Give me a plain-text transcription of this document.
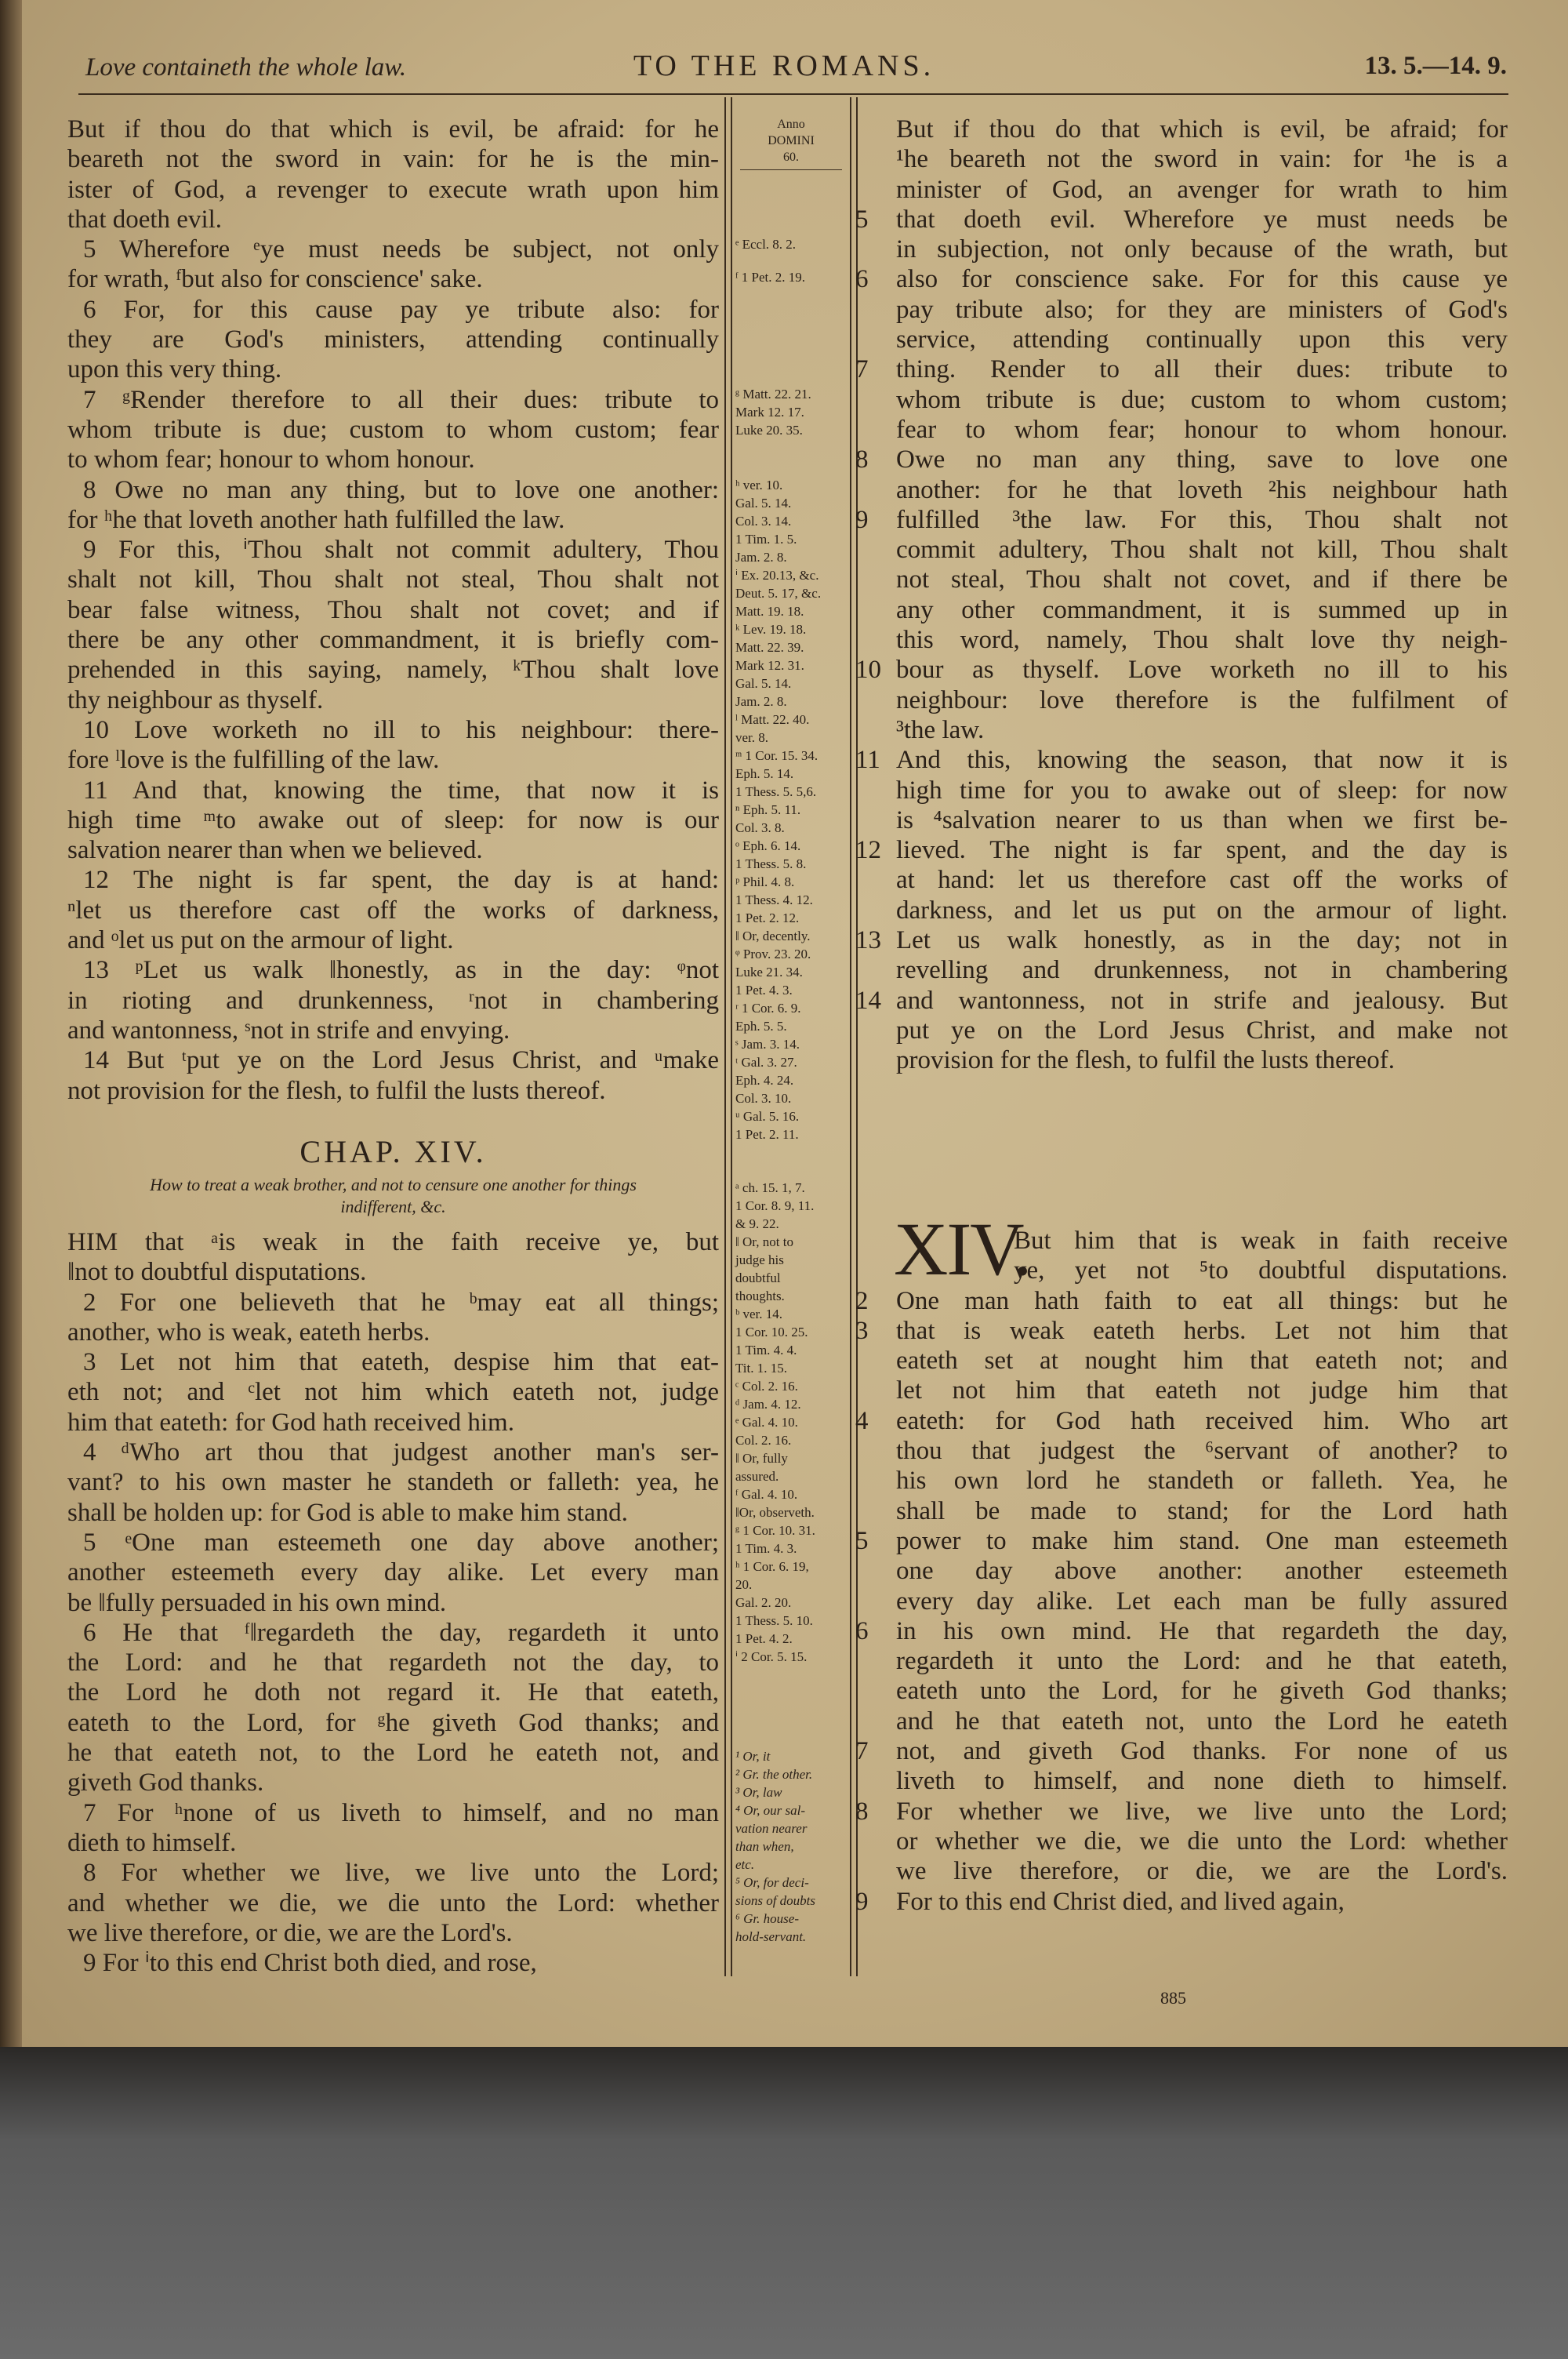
Love containeth the whole law.	TO THE ROMANS.	13. 5.—14. 9.
Anno
DOMINI
60.
But if thou do that which is evil, be afraid: for he
beareth not the sword in vain: for he is the min-
ister of God, a revenger to execute wrath upon him
that doeth evil.
5 Wherefore ᵉye must needs be subject, not only
for wrath, ᶠbut also for conscience' sake.
6 For, for this cause pay ye tribute also: for
they are God's ministers, attending continually
upon this very thing.
7 ᵍRender therefore to all their dues: tribute to
whom tribute is due; custom to whom custom; fear
to whom fear; honour to whom honour.
8 Owe no man any thing, but to love one another:
for ʰhe that loveth another hath fulfilled the law.
9 For this, ⁱThou shalt not commit adultery, Thou
shalt not kill, Thou shalt not steal, Thou shalt not
bear false witness, Thou shalt not covet; and if
there be any other commandment, it is briefly com-
prehended in this saying, namely, ᵏThou shalt love
thy neighbour as thyself.
10 Love worketh no ill to his neighbour: there-
fore ˡlove is the fulfilling of the law.
11 And that, knowing the time, that now it is
high time ᵐto awake out of sleep: for now is our
salvation nearer than when we believed.
12 The night is far spent, the day is at hand:
ⁿlet us therefore cast off the works of darkness,
and ᵒlet us put on the armour of light.
13 ᵖLet us walk ‖honestly, as in the day: ᵠnot
in rioting and drunkenness, ʳnot in chambering
and wantonness, ˢnot in strife and envying.
14 But ᵗput ye on the Lord Jesus Christ, and ᵘmake
not provision for the flesh, to fulfil the lusts thereof.
CHAP. XIV.
How to treat a weak brother, and not to censure one another for things
indifferent, &c.
HIM that ᵃis weak in the faith receive ye, but
‖not to doubtful disputations.
2 For one believeth that he ᵇmay eat all things;
another, who is weak, eateth herbs.
3 Let not him that eateth, despise him that eat-
eth not; and ᶜlet not him which eateth not, judge
him that eateth: for God hath received him.
4 ᵈWho art thou that judgest another man's ser-
vant? to his own master he standeth or falleth: yea, he
shall be holden up: for God is able to make him stand.
5 ᵉOne man esteemeth one day above another;
another esteemeth every day alike. Let every man
be ‖fully persuaded in his own mind.
6 He that ᶠ‖regardeth the day, regardeth it unto
the Lord: and he that regardeth not the day, to
the Lord he doth not regard it. He that eateth,
eateth to the Lord, for ᵍhe giveth God thanks; and
he that eateth not, to the Lord he eateth not, and
giveth God thanks.
7 For ʰnone of us liveth to himself, and no man
dieth to himself.
8 For whether we live, we live unto the Lord;
and whether we die, we die unto the Lord: whether
we live therefore, or die, we are the Lord's.
9 For ⁱto this end Christ both died, and rose,
ᵉ Eccl. 8. 2.
ᶠ 1 Pet. 2. 19.
ᵍ Matt. 22. 21.
Mark 12. 17.
Luke 20. 35.
ʰ ver. 10.
Gal. 5. 14.
Col. 3. 14.
1 Tim. 1. 5.
Jam. 2. 8.
ⁱ Ex. 20.13, &c.
Deut. 5. 17, &c.
Matt. 19. 18.
ᵏ Lev. 19. 18.
Matt. 22. 39.
Mark 12. 31.
Gal. 5. 14.
Jam. 2. 8.
ˡ Matt. 22. 40.
ver. 8.
ᵐ 1 Cor. 15. 34.
Eph. 5. 14.
1 Thess. 5. 5,6.
ⁿ Eph. 5. 11.
Col. 3. 8.
ᵒ Eph. 6. 14.
1 Thess. 5. 8.
ᵖ Phil. 4. 8.
1 Thess. 4. 12.
1 Pet. 2. 12.
‖ Or, decently.
ᵠ Prov. 23. 20.
Luke 21. 34.
1 Pet. 4. 3.
ʳ 1 Cor. 6. 9.
Eph. 5. 5.
ˢ Jam. 3. 14.
ᵗ Gal. 3. 27.
Eph. 4. 24.
Col. 3. 10.
ᵘ Gal. 5. 16.
1 Pet. 2. 11.
ᵃ ch. 15. 1, 7.
1 Cor. 8. 9, 11.
& 9. 22.
‖ Or, not to
judge his
doubtful
thoughts.
ᵇ ver. 14.
1 Cor. 10. 25.
1 Tim. 4. 4.
Tit. 1. 15.
ᶜ Col. 2. 16.
ᵈ Jam. 4. 12.
ᵉ Gal. 4. 10.
Col. 2. 16.
‖ Or, fully
assured.
ᶠ Gal. 4. 10.
‖Or, observeth.
ᵍ 1 Cor. 10. 31.
1 Tim. 4. 3.
ʰ 1 Cor. 6. 19,
20.
Gal. 2. 20.
1 Thess. 5. 10.
1 Pet. 4. 2.
ⁱ 2 Cor. 5. 15.
¹ Or, it
² Gr. the other.
³ Or, law
⁴ Or, our sal-
vation nearer
than when,
etc.
⁵ Or, for deci-
sions of doubts
⁶ Gr. house-
hold-servant.
But if thou do that which is evil, be afraid; for
¹he beareth not the sword in vain: for ¹he is a
minister of God, an avenger for wrath to him
5	that doeth evil. Wherefore ye must needs be
in subjection, not only because of the wrath, but
6	also for conscience sake. For for this cause ye
pay tribute also; for they are ministers of God's
service, attending continually upon this very
7	thing. Render to all their dues: tribute to
whom tribute is due; custom to whom custom;
fear to whom fear; honour to whom honour.
8	Owe no man any thing, save to love one
another: for he that loveth ²his neighbour hath
9	fulfilled ³the law. For this, Thou shalt not
commit adultery, Thou shalt not kill, Thou shalt
not steal, Thou shalt not covet, and if there be
any other commandment, it is summed up in
this word, namely, Thou shalt love thy neigh-
10 bour as thyself. Love worketh no ill to his
neighbour: love therefore is the fulfilment of
³the law.
11 And this, knowing the season, that now it is
high time for you to awake out of sleep: for now
is ⁴salvation nearer to us than when we first be-
12 lieved. The night is far spent, and the day is
at hand: let us therefore cast off the works of
darkness, and let us put on the armour of light.
13 Let us walk honestly, as in the day; not in
revelling and drunkenness, not in chambering
14 and wantonness, not in strife and jealousy. But
put ye on the Lord Jesus Christ, and make not
provision for the flesh, to fulfil the lusts thereof.
XIV.
But him that is weak in faith receive
ye, yet not ⁵to doubtful disputations.
2	One man hath faith to eat all things: but he
3	that is weak eateth herbs. Let not him that
eateth set at nought him that eateth not; and
let not him that eateth not judge him that
4	eateth: for God hath received him. Who art
thou that judgest the ⁶servant of another? to
his own lord he standeth or falleth. Yea, he
shall be made to stand; for the Lord hath
5	power to make him stand. One man esteemeth
one day above another: another esteemeth
every day alike. Let each man be fully assured
6	in his own mind. He that regardeth the day,
regardeth it unto the Lord: and he that eateth,
eateth unto the Lord, for he giveth God thanks;
and he that eateth not, unto the Lord he eateth
7	not, and giveth God thanks. For none of us
liveth to himself, and none dieth to himself.
8	For whether we live, we live unto the Lord;
or whether we die, we die unto the Lord: whether
we live therefore, or die, we are the Lord's.
9	For to this end Christ died, and lived again,
885
